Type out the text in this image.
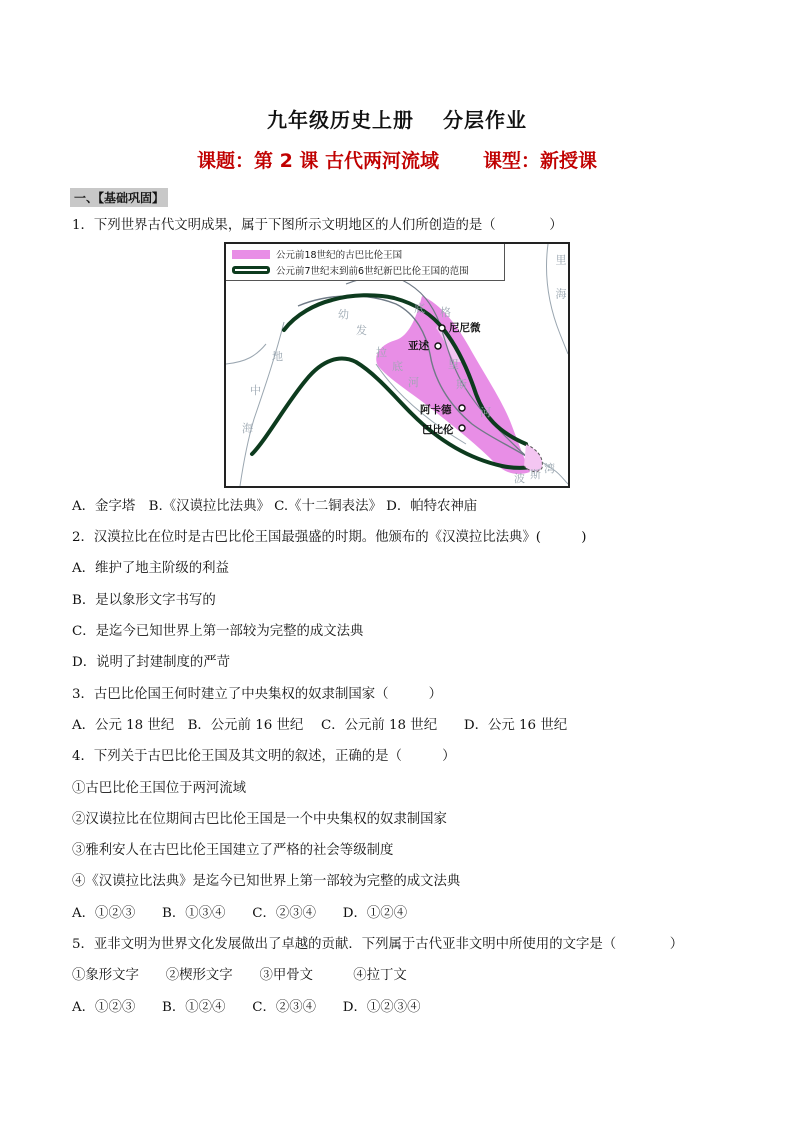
九年级历史上册　 分层作业
课题：第 2 课 古代两河流域 课型：新授课
一、【基础巩固】
1．下列世界古代文明成果，属于下图所示文明地区的人们所创造的是（　　　　）
公元前18世纪的古巴比伦王国
公元前7世纪末到前6世纪新巴比伦王国的范围
尼尼微
亚述
阿卡德
巴比伦
幼
发
拉
底
河
底 格
里
斯
河
地
中
海
波 斯 湾
里
海
A．金字塔　B.《汉谟拉比法典》 C.《十二铜表法》 D．帕特农神庙
2．汉漠拉比在位时是古巴比伦王国最强盛的时期。他颁布的《汉漠拉比法典》(　　　)
A．维护了地主阶级的利益
B．是以象形文字书写的
C．是迄今已知世界上第一部较为完整的成文法典
D．说明了封建制度的严苛
3．古巴比伦国王何时建立了中央集权的奴隶制国家（　　　）
A．公元 18 世纪　B．公元前 16 世纪　 C．公元前 18 世纪　　D．公元 16 世纪
4．下列关于古巴比伦王国及其文明的叙述，正确的是（　　　）
①古巴比伦王国位于两河流域
②汉谟拉比在位期间古巴比伦王国是一个中央集权的奴隶制国家
③雅利安人在古巴比伦王国建立了严格的社会等级制度
④《汉谟拉比法典》是迄今已知世界上第一部较为完整的成文法典
A．①②③　　B．①③④　　C．②③④　　D．①②④
5．亚非文明为世界文化发展做出了卓越的贡献．下列属于古代亚非文明中所使用的文字是（　　　　）
①象形文字　　②楔形文字　　③甲骨文　　　④拉丁文
A．①②③　　B．①②④　　C．②③④　　D．①②③④
